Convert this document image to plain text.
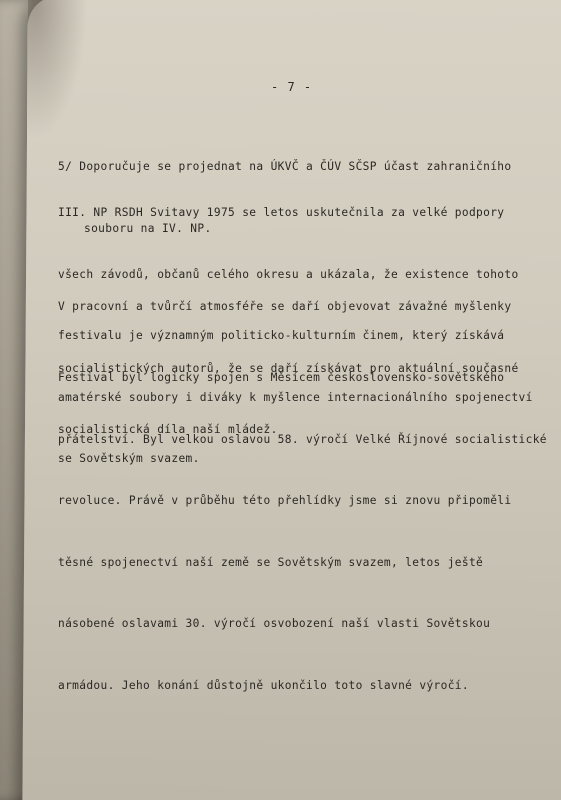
- 7 -

5/ Doporučuje se projednat na ÚKVČ a ČÚV SČSP účast zahraničního

souboru na IV. NP.

III. NP RSDH Svitavy 1975 se letos uskutečnila za velké podpory

všech závodů, občanů celého okresu a ukázala, že existence tohoto

festivalu je významným politicko-kulturním činem, který získává

amatérské soubory i diváky k myšlence internacionálního spojenectví

se Sovětským svazem.

V pracovní a tvůrčí atmosféře se daří objevovat závažné myšlenky

socialistických autorů, že se daří získávat pro aktuální současné

socialistická díla naší mládež.

Festival byl logicky spojen s Měsícem československo-sovětského

přátelství. Byl velkou oslavou 58. výročí Velké Říjnové socialistické

revoluce. Právě v průběhu této přehlídky jsme si znovu připoměli

těsné spojenectví naší země se Sovětským svazem, letos ještě

násobené oslavami 30. výročí osvobození naší vlasti Sovětskou

armádou. Jeho konání důstojně ukončilo toto slavné výročí.
